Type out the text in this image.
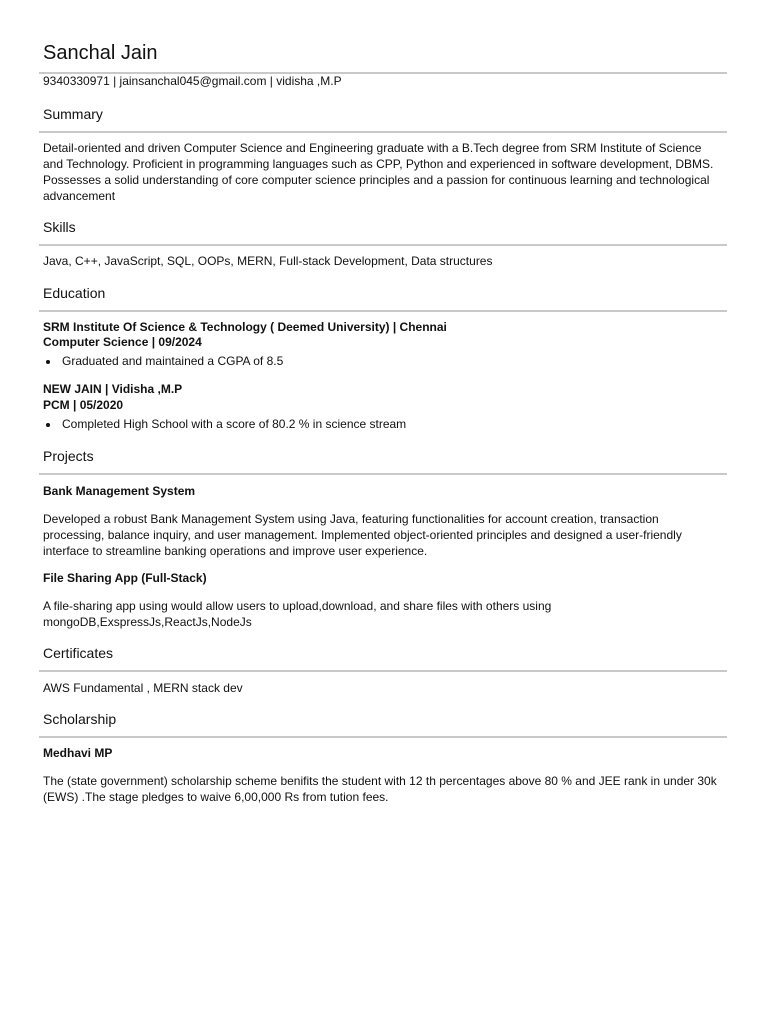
Sanchal Jain
9340330971 | jainsanchal045@gmail.com | vidisha ,M.P
Summary
Detail-oriented and driven Computer Science and Engineering graduate with a B.Tech degree from SRM Institute of Science and Technology. Proficient in programming languages such as CPP, Python and experienced in software development, DBMS. Possesses a solid understanding of core computer science principles and a passion for continuous learning and technological advancement
Skills
Java, C++, JavaScript, SQL, OOPs, MERN, Full-stack Development, Data structures
Education
SRM Institute Of Science & Technology ( Deemed University) | Chennai
Computer Science | 09/2024
Graduated and maintained a CGPA of 8.5
NEW JAIN | Vidisha ,M.P
PCM | 05/2020
Completed High School with a score of 80.2 % in science stream
Projects
Bank Management System
Developed a robust Bank Management System using Java, featuring functionalities for account creation, transaction processing, balance inquiry, and user management. Implemented object-oriented principles and designed a user-friendly interface to streamline banking operations and improve user experience.
File Sharing App (Full-Stack)
A file-sharing app using would allow users to upload,download, and share files with others using mongoDB,ExspressJs,ReactJs,NodeJs
Certificates
AWS Fundamental , MERN stack dev
Scholarship
Medhavi MP
The (state government) scholarship scheme benifits the student with 12 th percentages above 80 % and JEE rank in under 30k (EWS) .The stage pledges to waive 6,00,000 Rs from tution fees.
